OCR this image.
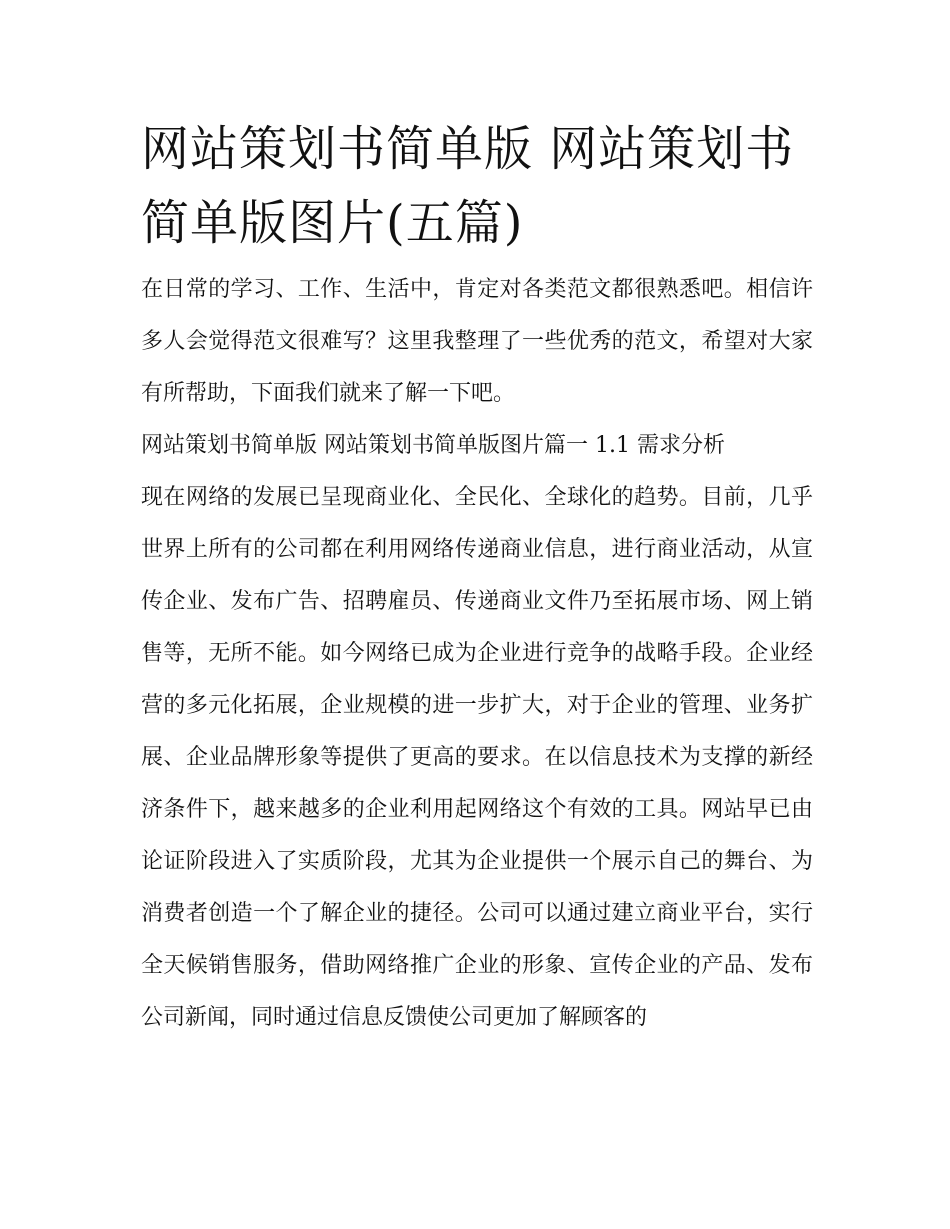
网站策划书简单版 网站策划书简单版图片(五篇)

在日常的学习、工作、生活中，肯定对各类范文都很熟悉吧。相信许多人会觉得范文很难写？这里我整理了一些优秀的范文，希望对大家有所帮助，下面我们就来了解一下吧。

网站策划书简单版 网站策划书简单版图片篇一 1.1 需求分析

现在网络的发展已呈现商业化、全民化、全球化的趋势。目前，几乎世界上所有的公司都在利用网络传递商业信息，进行商业活动，从宣传企业、发布广告、招聘雇员、传递商业文件乃至拓展市场、网上销售等，无所不能。如今网络已成为企业进行竞争的战略手段。企业经营的多元化拓展，企业规模的进一步扩大，对于企业的管理、业务扩展、企业品牌形象等提供了更高的要求。在以信息技术为支撑的新经济条件下，越来越多的企业利用起网络这个有效的工具。网站早已由论证阶段进入了实质阶段，尤其为企业提供一个展示自己的舞台、为消费者创造一个了解企业的捷径。公司可以通过建立商业平台，实行全天候销售服务，借助网络推广企业的形象、宣传企业的产品、发布公司新闻，同时通过信息反馈使公司更加了解顾客的
